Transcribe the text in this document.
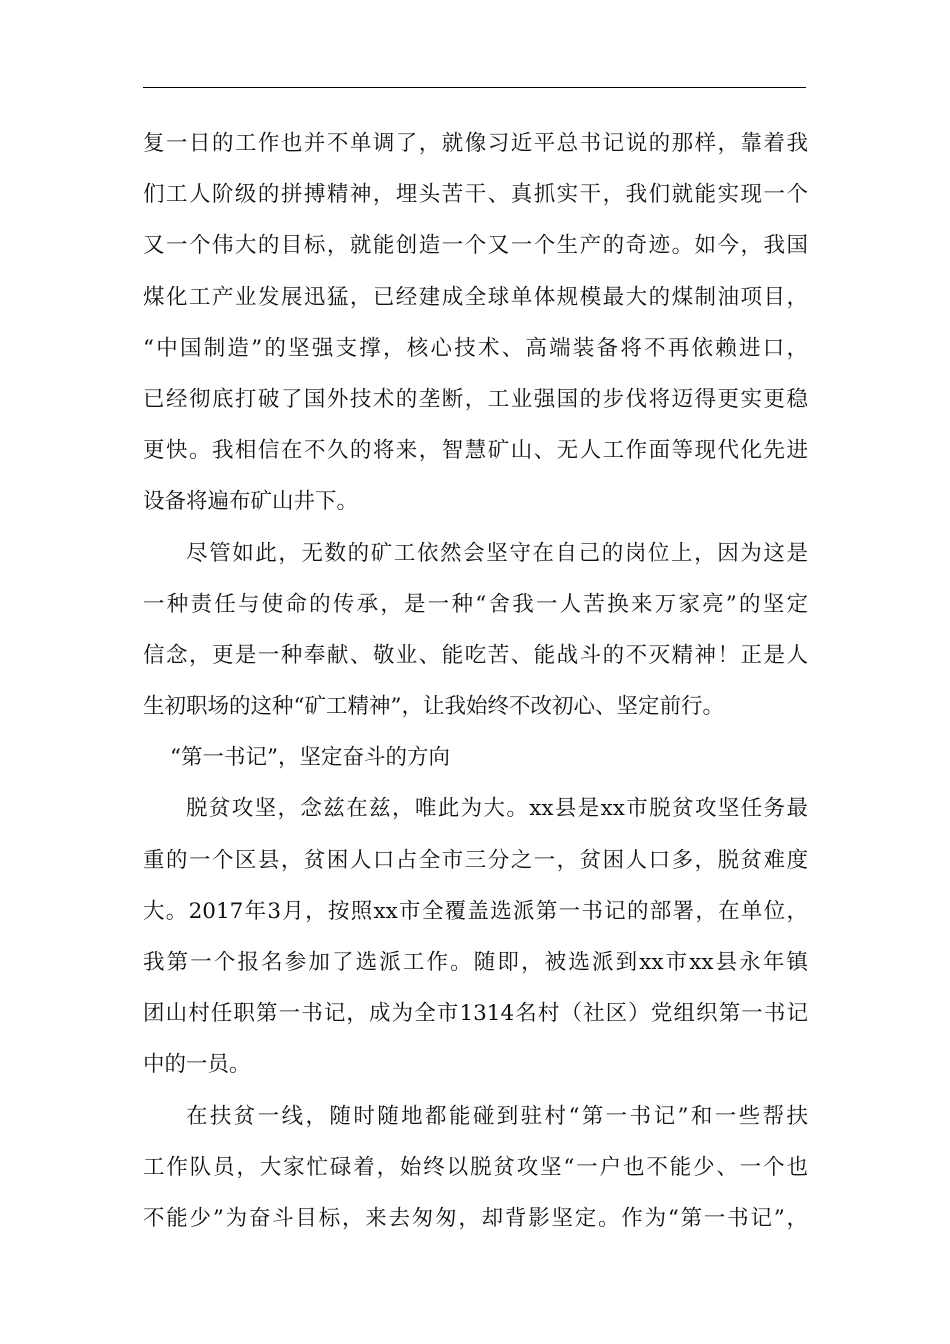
复一日的工作也并不单调了，就像习近平总书记说的那样，靠着我
们工人阶级的拼搏精神，埋头苦干、真抓实干，我们就能实现一个
又一个伟大的目标，就能创造一个又一个生产的奇迹。如今，我国
煤化工产业发展迅猛，已经建成全球单体规模最大的煤制油项目，
“中国制造”的坚强支撑，核心技术、高端装备将不再依赖进口，
已经彻底打破了国外技术的垄断，工业强国的步伐将迈得更实更稳
更快。我相信在不久的将来，智慧矿山、无人工作面等现代化先进
设备将遍布矿山井下。
尽管如此，无数的矿工依然会坚守在自己的岗位上，因为这是
一种责任与使命的传承，是一种“舍我一人苦换来万家亮”的坚定
信念，更是一种奉献、敬业、能吃苦、能战斗的不灭精神！正是人
生初职场的这种“矿工精神”，让我始终不改初心、坚定前行。
“第一书记”，坚定奋斗的方向
脱贫攻坚，念兹在兹，唯此为大。xx县是xx市脱贫攻坚任务最
重的一个区县，贫困人口占全市三分之一，贫困人口多，脱贫难度
大。2017年3月，按照xx市全覆盖选派第一书记的部署，在单位，
我第一个报名参加了选派工作。随即，被选派到xx市xx县永年镇
团山村任职第一书记，成为全市1314名村（社区）党组织第一书记
中的一员。
在扶贫一线，随时随地都能碰到驻村“第一书记”和一些帮扶
工作队员，大家忙碌着，始终以脱贫攻坚“一户也不能少、一个也
不能少”为奋斗目标，来去匆匆，却背影坚定。作为“第一书记”，
